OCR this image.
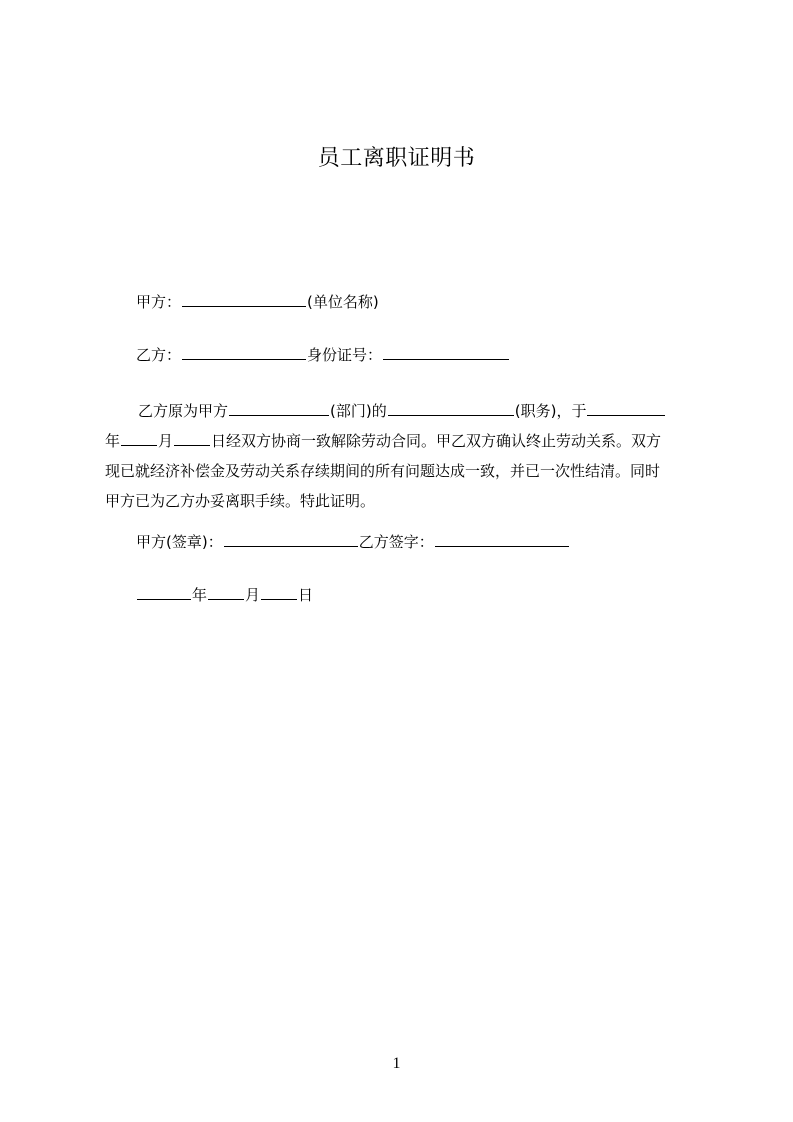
员工离职证明书
甲方：	(单位名称)
乙方：	身份证号：
乙方原为甲方	(部门)的	(职务)，于
年	月	日经双方协商一致解除劳动合同。甲乙双方确认终止劳动关系。双方
现已就经济补偿金及劳动关系存续期间的所有问题达成一致，并已一次性结清。同时
甲方已为乙方办妥离职手续。特此证明。
甲方(签章)：	乙方签字：
年	月	日
1
